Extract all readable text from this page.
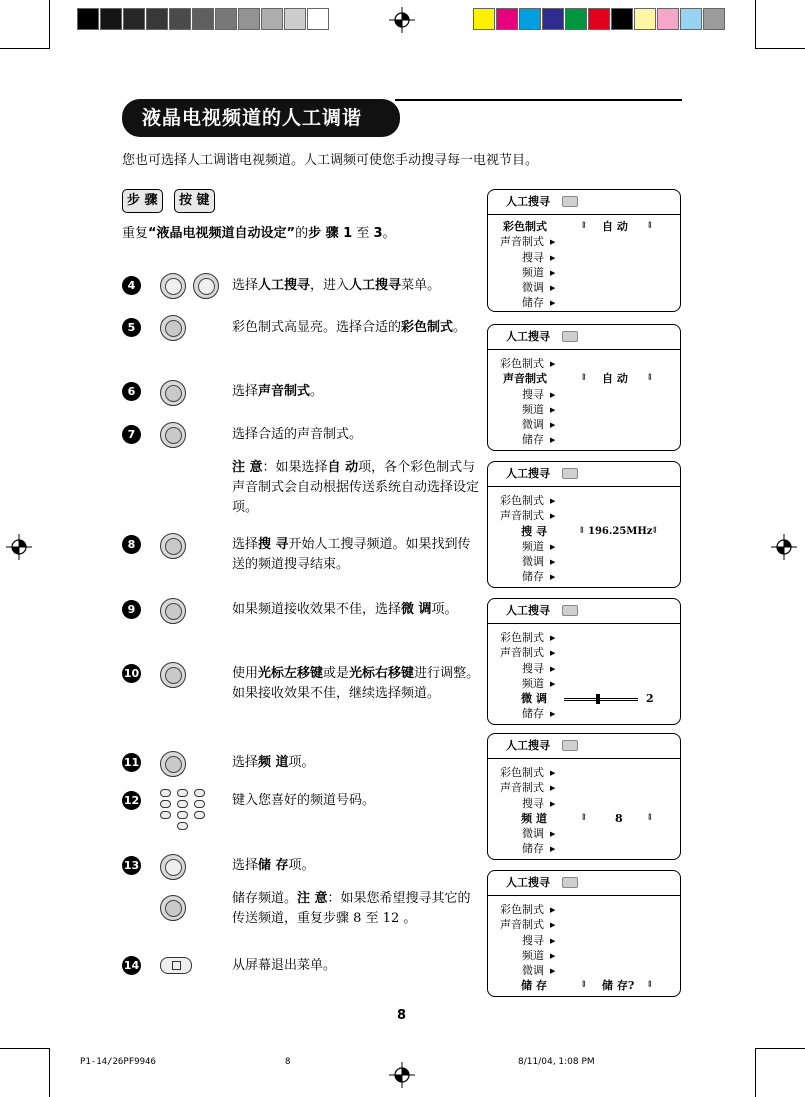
液晶电视频道的人工调谐
您也可选择人工调谐电视频道。人工调频可使您手动搜寻每一电视节目。
步 骤	按 键
重复“液晶电视频道自动设定”的步 骤 1 至 3。
4	选择人工搜寻，进入人工搜寻菜单。
5	彩色制式高显亮。选择合适的彩色制式。
6	选择声音制式。
7	选择合适的声音制式。
注 意：如果选择自 动项，各个彩色制式与声音制式会自动根据传送系统自动选择设定项。
8	选择搜 寻开始人工搜寻频道。如果找到传送的频道搜寻结束。
9	如果频道接收效果不佳，选择微 调项。
10	使用光标左移键或是光标右移键进行调整。如果接收效果不佳，继续选择频道。
11	选择频 道项。
12	键入您喜好的频道号码。
13	选择储 存项。
储存频道。注 意：如果您希望搜寻其它的传送频道，重复步骤 8 至 12 。
14	从屏幕退出菜单。
人工搜寻
彩色制式	⇕ 自 动 ⇕
声音制式 ▶
搜寻 ▶
频道 ▶
微调 ▶
储存 ▶
人工搜寻
彩色制式 ▶
声音制式	⇕ 自 动 ⇕
搜寻 ▶
频道 ▶
微调 ▶
储存 ▶
人工搜寻
彩色制式 ▶
声音制式 ▶
搜 寻	⇕ 196.25MHz
⇕
频道 ▶
微调 ▶
储存 ▶
人工搜寻
彩色制式 ▶
声音制式 ▶
搜寻 ▶
频道 ▶
微 调	2
储存 ▶
人工搜寻
彩色制式 ▶
声音制式 ▶
搜寻 ▶
频 道	⇕ 8	⇕
微调 ▶
储存 ▶
人工搜寻
彩色制式 ▶
声音制式 ▶
搜寻 ▶
频道 ▶
微调 ▶
储 存	⇕ 储 存? ⇕
8
P1-14/26PF9946	8	8/11/04, 1:08 PM
